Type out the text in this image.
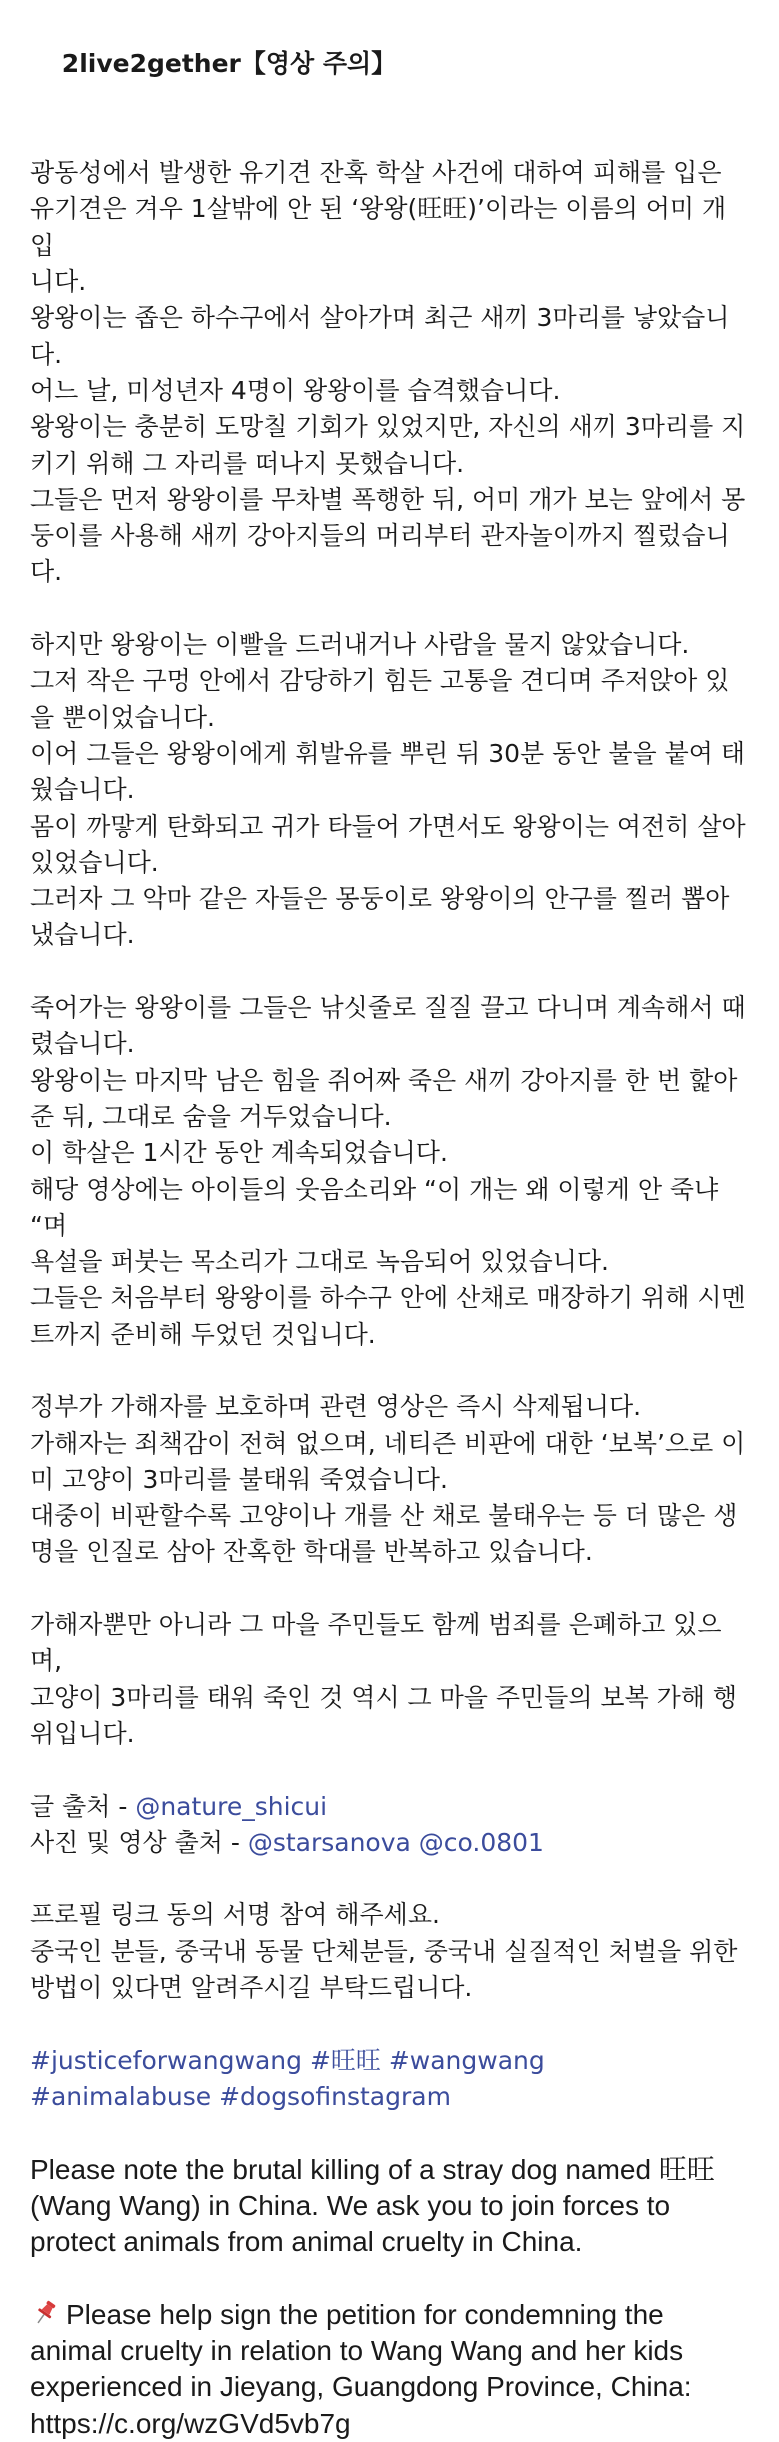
2live2gether【영상 주의】

광동성에서 발생한 유기견 잔혹 학살 사건에 대하여 피해를 입은
유기견은 겨우 1살밖에 안 된 ‘왕왕(旺旺)’이라는 이름의 어미 개입
니다.
왕왕이는 좁은 하수구에서 살아가며 최근 새끼 3마리를 낳았습니
다.
어느 날, 미성년자 4명이 왕왕이를 습격했습니다.
왕왕이는 충분히 도망칠 기회가 있었지만, 자신의 새끼 3마리를 지
키기 위해 그 자리를 떠나지 못했습니다.
그들은 먼저 왕왕이를 무차별 폭행한 뒤, 어미 개가 보는 앞에서 몽
둥이를 사용해 새끼 강아지들의 머리부터 관자놀이까지 찔렀습니
다.
하지만 왕왕이는 이빨을 드러내거나 사람을 물지 않았습니다.
그저 작은 구멍 안에서 감당하기 힘든 고통을 견디며 주저앉아 있
을 뿐이었습니다.
이어 그들은 왕왕이에게 휘발유를 뿌린 뒤 30분 동안 불을 붙여 태
웠습니다.
몸이 까맣게 탄화되고 귀가 타들어 가면서도 왕왕이는 여전히 살아
있었습니다.
그러자 그 악마 같은 자들은 몽둥이로 왕왕이의 안구를 찔러 뽑아
냈습니다.
죽어가는 왕왕이를 그들은 낚싯줄로 질질 끌고 다니며 계속해서 때
렸습니다.
왕왕이는 마지막 남은 힘을 쥐어짜 죽은 새끼 강아지를 한 번 핥아
준 뒤, 그대로 숨을 거두었습니다.
이 학살은 1시간 동안 계속되었습니다.
해당 영상에는 아이들의 웃음소리와 “이 개는 왜 이렇게 안 죽냐
“며
욕설을 퍼붓는 목소리가 그대로 녹음되어 있었습니다.
그들은 처음부터 왕왕이를 하수구 안에 산채로 매장하기 위해 시멘
트까지 준비해 두었던 것입니다.
정부가 가해자를 보호하며 관련 영상은 즉시 삭제됩니다.
가해자는 죄책감이 전혀 없으며, 네티즌 비판에 대한 ‘보복’으로 이
미 고양이 3마리를 불태워 죽였습니다.
대중이 비판할수록 고양이나 개를 산 채로 불태우는 등 더 많은 생
명을 인질로 삼아 잔혹한 학대를 반복하고 있습니다.
가해자뿐만 아니라 그 마을 주민들도 함께 범죄를 은폐하고 있으
며,
고양이 3마리를 태워 죽인 것 역시 그 마을 주민들의 보복 가해 행
위입니다.
글 출처 - @nature_shicui
사진 및 영상 출처 - @starsanova @co.0801
프로필 링크 동의 서명 참여 해주세요.
중국인 분들, 중국내 동물 단체분들, 중국내 실질적인 처벌을 위한
방법이 있다면 알려주시길 부탁드립니다.
#justiceforwangwang #旺旺 #wangwang
#animalabuse #dogsofinstagram
Please note the brutal killing of a stray dog named 旺旺
(Wang Wang) in China. We ask you to join forces to
protect animals from animal cruelty in China.
Please help sign the petition for condemning the
animal cruelty in relation to Wang Wang and her kids
experienced in Jieyang, Guangdong Province, China:
https://c.org/wzGVd5vb7g
